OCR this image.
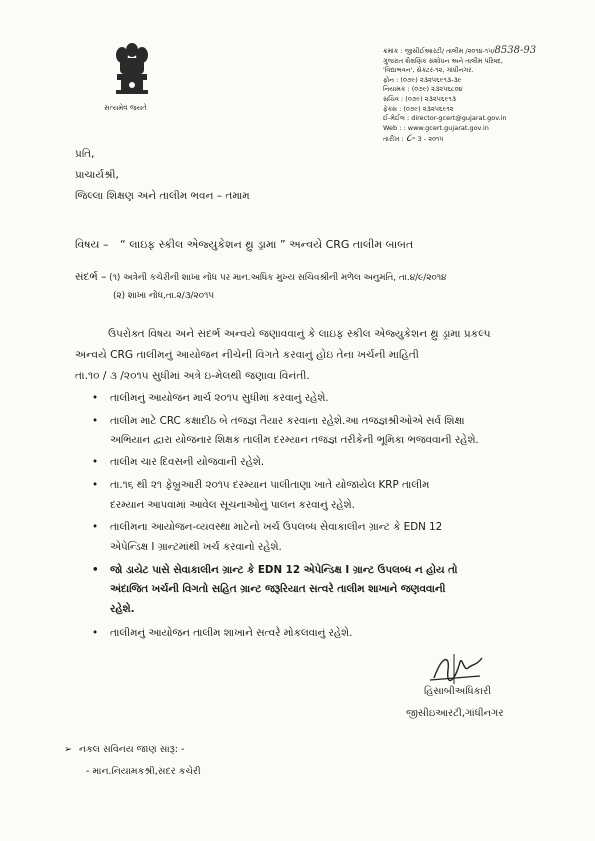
સત્યમેવ જયતે
ક્રમાંક : જીસીઈઆરટી/ તાલીમ /૨૦૧૪-૧૫/8538-93
ગુજરાત શૈક્ષણિક સંશોધન અને તાલીમ પરિષદ,
'વિદ્યાભવન', સેક્ટર-૧૨, ગાંધીનગર.
ફોન : (૦૭૯) ૨૩૨૫૬૯૧૩-૩૯
નિયામક : (૦૭૯) ૨૩૨૫૬૮૦૪
સચિવ : (૦૭૯) ૨૩૨૫૬૯૧૩
ફેક્સ : (૦૭૯) ૨૩૨૫૬૯૧૨
ઈ-મેઈલ : director-gcert@gujarat.gov.in
Web : : www.gcert.gujarat.gov.in
તારીખ : ૮- 3 - ૨૦૧૫
પ્રતિ,
પ્રાચાર્યશ્રી,
જિલ્લા શિક્ષણ અને તાલીમ ભવન – તમામ
વિષય – “ લાઇફ સ્કીલ એજ્યુકેશન થ્રુ ડ્રામા ” અન્વયે CRG તાલીમ બાબત
સંદર્ભ – (૧) અત્રેની કચેરીની શાખા નોંધ પર માન.અધિક મુખ્ય સચિવશ્રીની મળેલ અનુમતિ, તા.૪/૯/૨૦૧૪
(૨) શાખા નોંધ,તા.૨/૩/૨૦૧૫

ઉપરોક્ત વિષય અને સંદર્ભ અન્વયે જણાવવાનું કે લાઇફ સ્કીલ એજ્યુકેશન થ્રુ ડ્રામા પ્રકલ્પ

અન્વયે CRG તાલીમનું આયોજન નીચેની વિગતે કરવાનું હોઇ તેના ખર્ચની માહિતી

તા.૧૦ / ૩ /૨૦૧૫ સુધીમાં અત્રે ઇ-મેલથી જણાવા વિનંતી.

• તાલીમનું આયોજન માર્ચ ૨૦૧૫ સુધીમાં કરવાનું રહેશે.
• તાલીમ માટે CRC કક્ષાદીઠ બે તજજ્ઞ તૈયાર કરવાના રહેશે.આ તજજ્ઞશ્રીઓએ સર્વ શિક્ષા
અભિયાન દ્વારા યોજનાર શિક્ષક તાલીમ દરમ્યાન તજજ્ઞ તરીકેની ભૂમિકા ભજવવાની રહેશે.
• તાલીમ ચાર દિવસની યોજવાની રહેશે.
• તા.૧૬ થી ૨૧ ફેબ્રુઆરી ૨૦૧૫ દરમ્યાન પાલીતાણા ખાતે યોજાયેલ KRP તાલીમ
દરમ્યાન આપવામાં આવેલ સૂચનાઓનું પાલન કરવાનું રહેશે.
• તાલીમના આયોજન-વ્યવસ્થા માટેનો ખર્ચ ઉપલબ્ધ સેવાકાલીન ગ્રાન્ટ કે EDN 12
એપેન્ડિક્ષ I ગ્રાન્ટમાંથી ખર્ચ કરવાનો રહેશે.
• જો ડાયેટ પાસે સેવાકાલીન ગ્રાન્ટ કે EDN 12 એપેન્ડિક્ષ I ગ્રાન્ટ ઉપલબ્ધ ન હોય તો
અંદાજિત ખર્ચની વિગતો સહિત ગ્રાન્ટ જરૂરિયાત સત્વરે તાલીમ શાખાને જણવવાની
રહેશે.
• તાલીમનું આયોજન તાલીમ શાખાને સત્વરે મોકલવાનું રહેશે.
હિસાબીઅધિકારી
જીસીઇઆરટી,ગાંધીનગર
➢ નકલ સવિનય જાણ સારૂ: -
- માન.નિયામકશ્રી,સદર કચેરી
